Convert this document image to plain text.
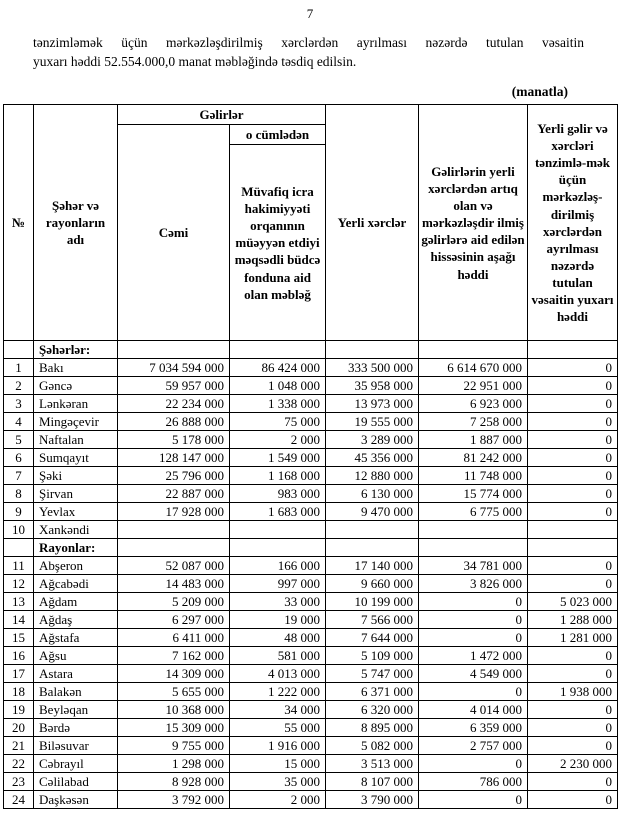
7
tənzimləmək üçün mərkəzləşdirilmiş xərclərdən ayrılması nəzərdə tutulan vəsaitin
yuxarı həddi 52.554.000,0 manat məbləğində təsdiq edilsin.
(manatla)
№	Şəhər və rayonların adı	Gəlirlər		Yerli xərclər	Gəlirlərin yerli xərclərdən artıq olan və mərkəzləşdir ilmiş gəlirlərə aid edilən hissəsinin aşağı həddi	Yerli gəlir və xərcləri tənzimlə-mək üçün mərkəzləş-dirilmiş xərclərdən ayrılması nəzərdə tutulan vəsaitin yuxarı həddi
		Cəmi	o cümlədən			
			Müvafiq icra hakimiyyəti orqanının müəyyən etdiyi məqsədli büdcə fonduna aid olan məbləğ			
	Şəhərlər:					
1	Bakı	7 034 594 000	86 424 000	333 500 000	6 614 670 000	0
2	Gəncə	59 957 000	1 048 000	35 958 000	22 951 000	0
3	Lənkəran	22 234 000	1 338 000	13 973 000	6 923 000	0
4	Mingəçevir	26 888 000	75 000	19 555 000	7 258 000	0
5	Naftalan	5 178 000	2 000	3 289 000	1 887 000	0
6	Sumqayıt	128 147 000	1 549 000	45 356 000	81 242 000	0
7	Şəki	25 796 000	1 168 000	12 880 000	11 748 000	0
8	Şirvan	22 887 000	983 000	6 130 000	15 774 000	0
9	Yevlax	17 928 000	1 683 000	9 470 000	6 775 000	0
10	Xankəndi					
	Rayonlar:					
11	Abşeron	52 087 000	166 000	17 140 000	34 781 000	0
12	Ağcabədi	14 483 000	997 000	9 660 000	3 826 000	0
13	Ağdam	5 209 000	33 000	10 199 000	0	5 023 000
14	Ağdaş	6 297 000	19 000	7 566 000	0	1 288 000
15	Ağstafa	6 411 000	48 000	7 644 000	0	1 281 000
16	Ağsu	7 162 000	581 000	5 109 000	1 472 000	0
17	Astara	14 309 000	4 013 000	5 747 000	4 549 000	0
18	Balakən	5 655 000	1 222 000	6 371 000	0	1 938 000
19	Beyləqan	10 368 000	34 000	6 320 000	4 014 000	0
20	Bərdə	15 309 000	55 000	8 895 000	6 359 000	0
21	Biləsuvar	9 755 000	1 916 000	5 082 000	2 757 000	0
22	Cəbrayıl	1 298 000	15 000	3 513 000	0	2 230 000
23	Cəlilabad	8 928 000	35 000	8 107 000	786 000	0
24	Daşkəsən	3 792 000	2 000	3 790 000	0	0
